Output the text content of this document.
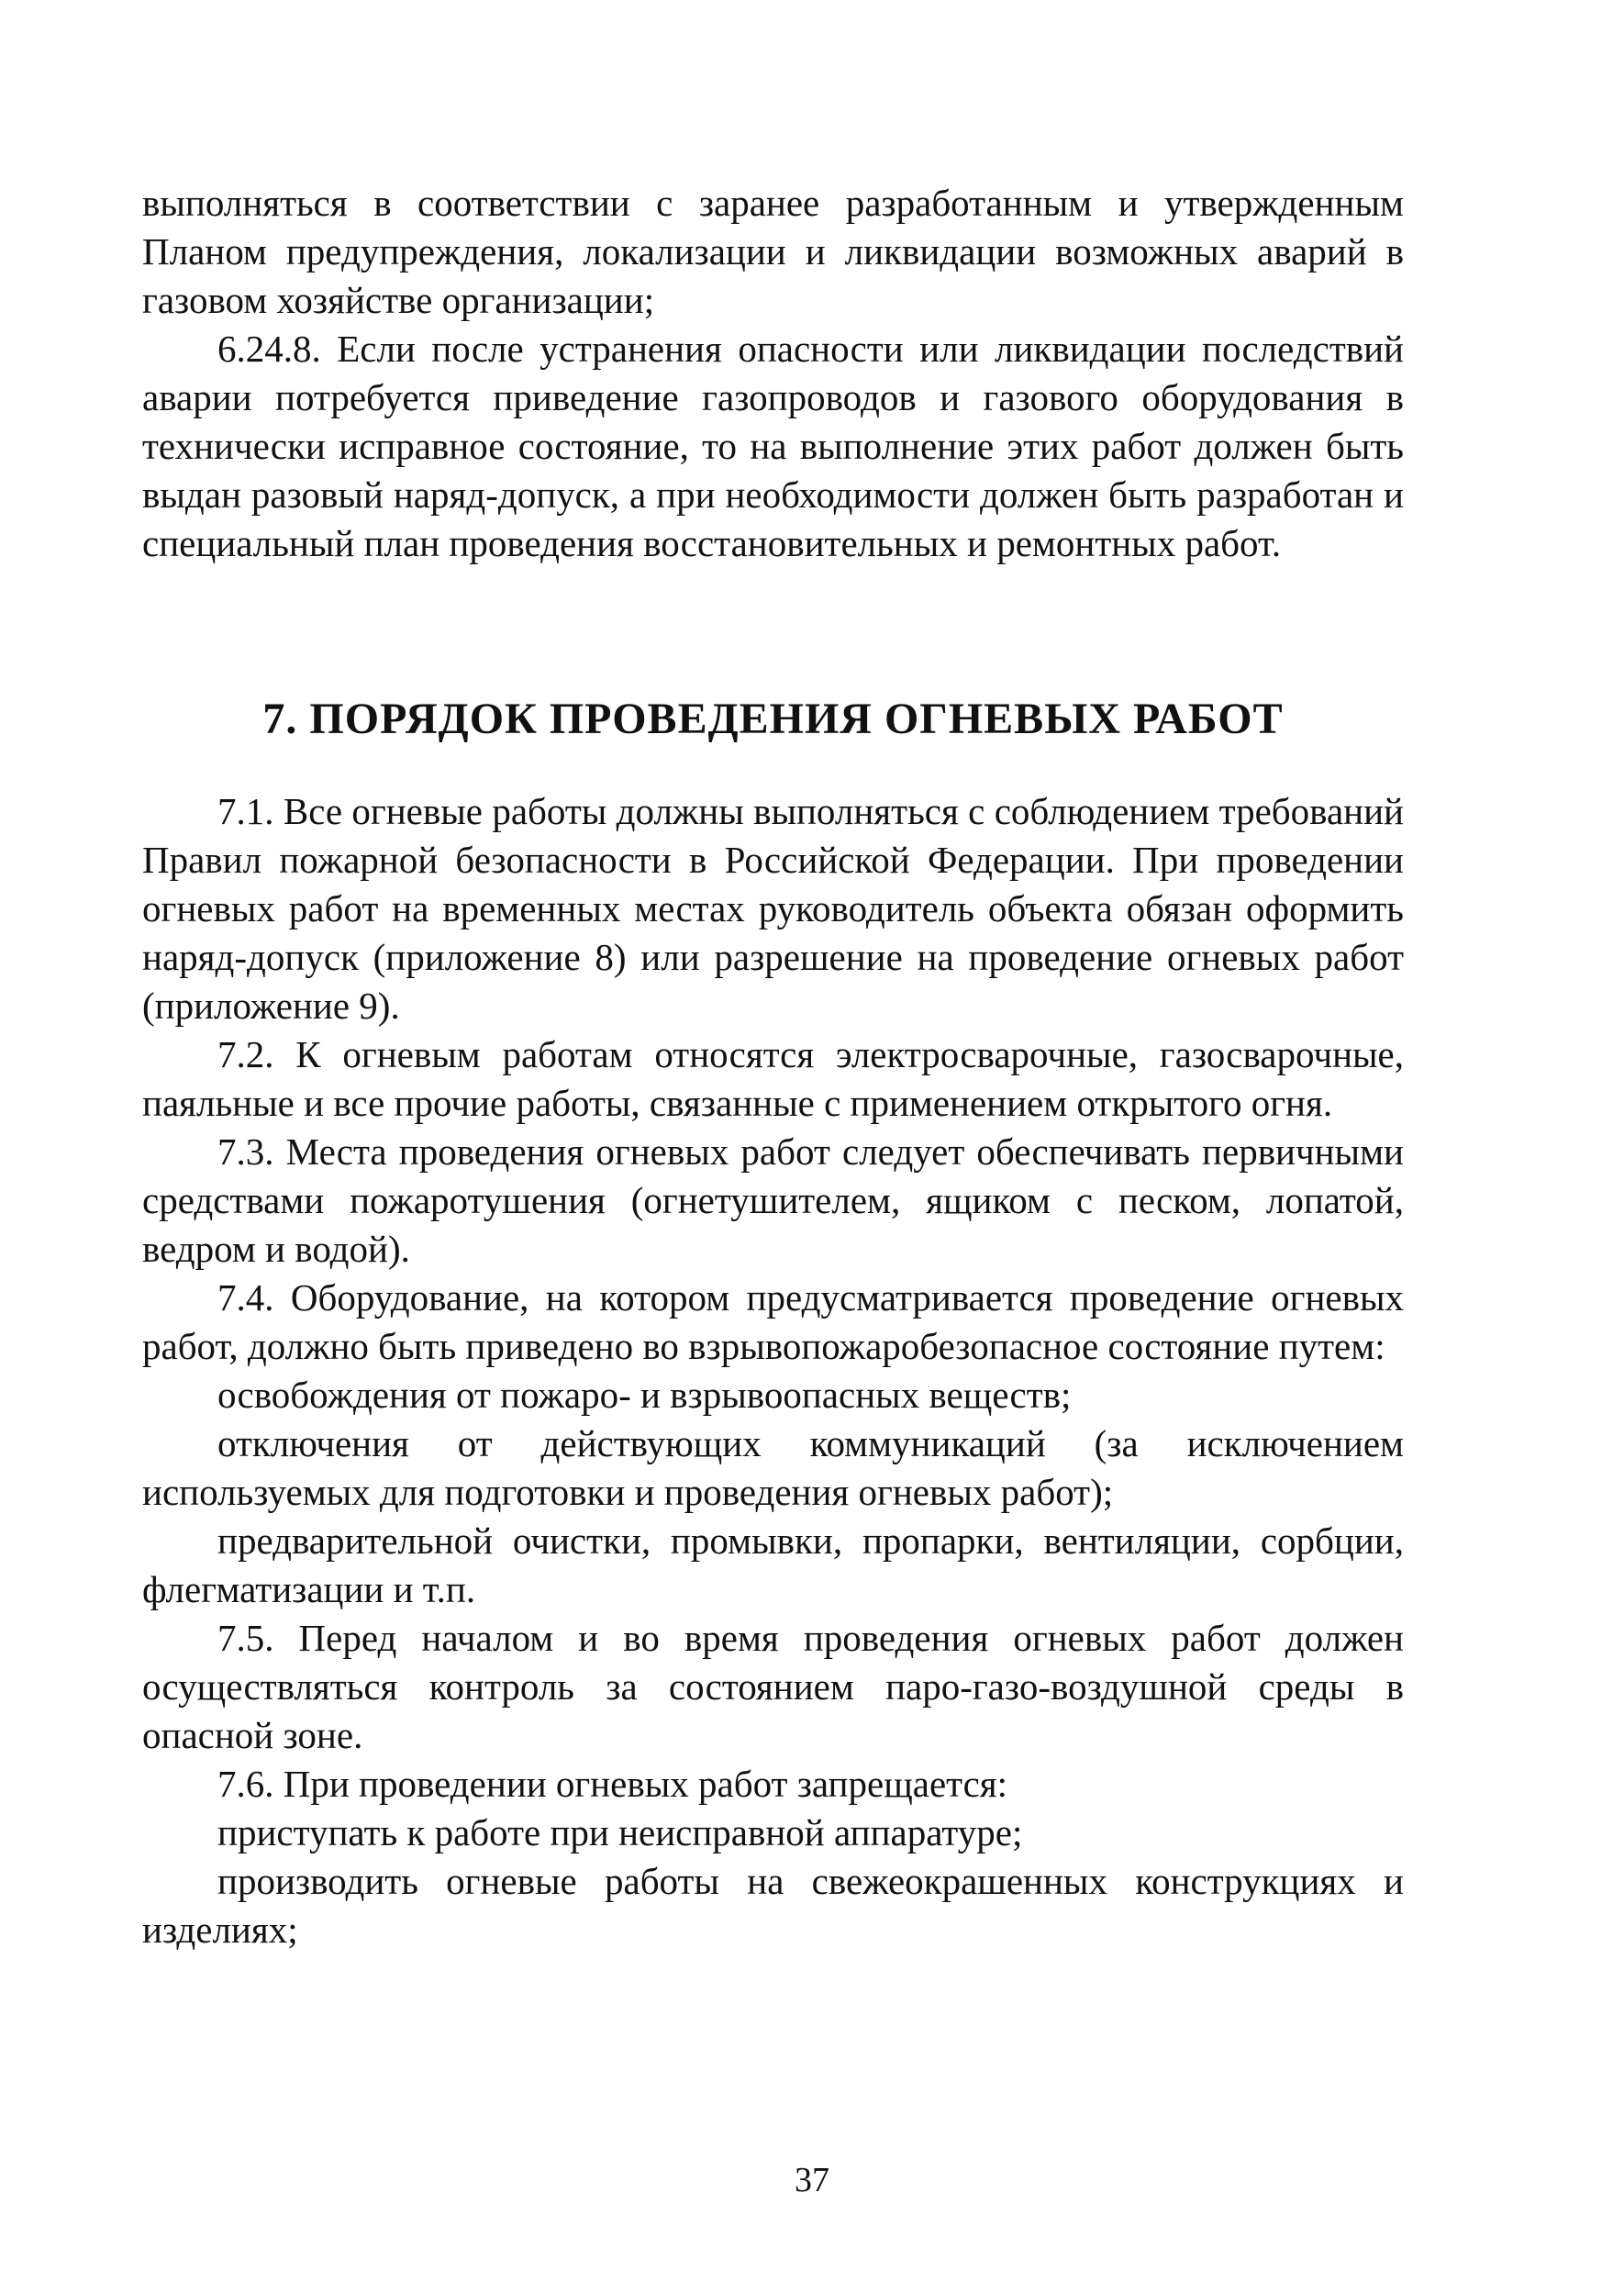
выполняться в соответствии с заранее разработанным и утвержденным Планом предупреждения, локализации и ликвидации возможных аварий в газовом хозяйстве организации;

6.24.8. Если после устранения опасности или ликвидации последствий аварии потребуется приведение газопроводов и газового оборудования в технически исправное состояние, то на выполнение этих работ должен быть выдан разовый наряд-допуск, а при необходимости должен быть разработан и специальный план проведения восстановительных и ремонтных работ.

7. ПОРЯДОК ПРОВЕДЕНИЯ ОГНЕВЫХ РАБОТ

7.1. Все огневые работы должны выполняться с соблюдением требований Правил пожарной безопасности в Российской Федерации. При проведении огневых работ на временных местах руководитель объекта обязан оформить наряд-допуск (приложение 8) или разрешение на проведение огневых работ (приложение 9).

7.2. К огневым работам относятся электросварочные, газосварочные, паяльные и все прочие работы, связанные с применением открытого огня.

7.3. Места проведения огневых работ следует обеспечивать первичными средствами пожаротушения (огнетушителем, ящиком с песком, лопатой, ведром и водой).

7.4. Оборудование, на котором предусматривается проведение огневых работ, должно быть приведено во взрывопожаробезопасное состояние путем:

освобождения от пожаро- и взрывоопасных веществ;

отключения от действующих коммуникаций (за исключением используемых для подготовки и проведения огневых работ);

предварительной очистки, промывки, пропарки, вентиляции, сорбции, флегматизации и т.п.

7.5. Перед началом и во время проведения огневых работ должен осуществляться контроль за состоянием паро-газо-воздушной среды в опасной зоне.

7.6. При проведении огневых работ запрещается:

приступать к работе при неисправной аппаратуре;

производить огневые работы на свежеокрашенных конструкциях и изделиях;

37
